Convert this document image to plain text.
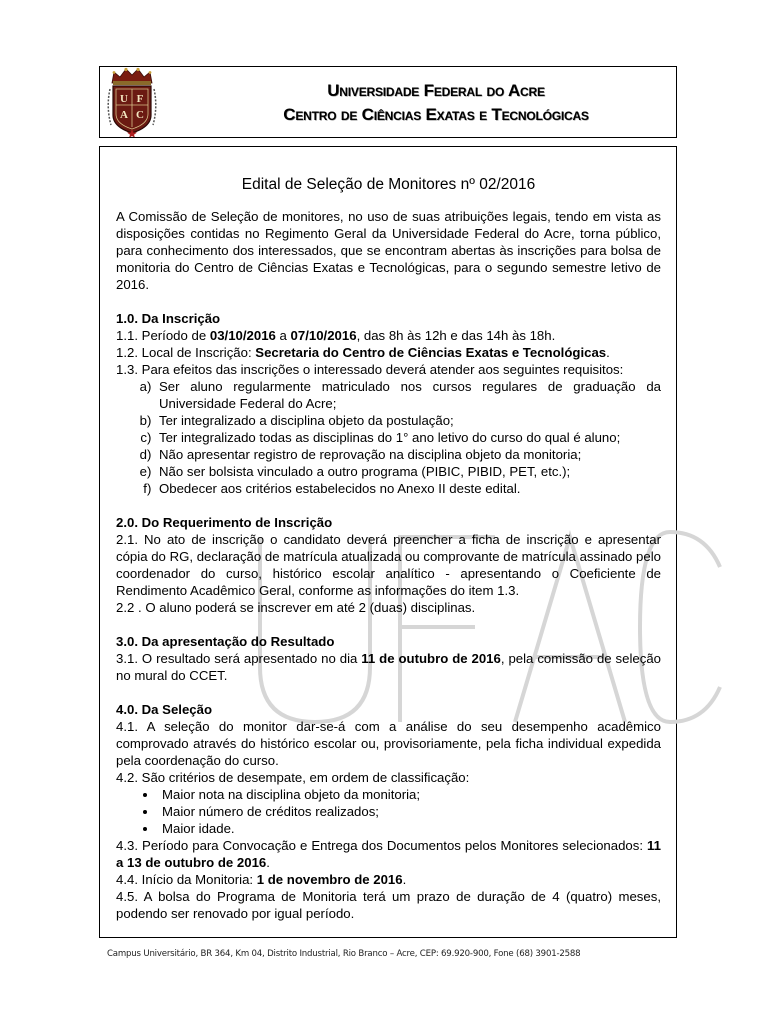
U F
A C
Universidade Federal do Acre
Centro de Ciências Exatas e Tecnológicas
Edital de Seleção de Monitores nº 02/2016

A Comissão de Seleção de monitores, no uso de suas atribuições legais, tendo em vista as disposições contidas no Regimento Geral da Universidade Federal do Acre, torna público, para conhecimento dos interessados, que se encontram abertas às inscrições para bolsa de monitoria do Centro de Ciências Exatas e Tecnológicas, para o segundo semestre letivo de 2016.

1.0. Da Inscrição

1.1. Período de 03/10/2016 a 07/10/2016, das 8h às 12h e das 14h às 18h.

1.2. Local de Inscrição: Secretaria do Centro de Ciências Exatas e Tecnológicas.

1.3. Para efeitos das inscrições o interessado deverá atender aos seguintes requisitos:

a. Ser aluno regularmente matriculado nos cursos regulares de graduação da Universidade Federal do Acre;
b. Ter integralizado a disciplina objeto da postulação;
c. Ter integralizado todas as disciplinas do 1° ano letivo do curso do qual é aluno;
d. Não apresentar registro de reprovação na disciplina objeto da monitoria;
e. Não ser bolsista vinculado a outro programa (PIBIC, PIBID, PET, etc.);
f. Obedecer aos critérios estabelecidos no Anexo II deste edital.

2.0. Do Requerimento de Inscrição

2.1. No ato de inscrição o candidato deverá preencher a ficha de inscrição e apresentar cópia do RG, declaração de matrícula atualizada ou comprovante de matrícula assinado pelo coordenador do curso, histórico escolar analítico - apresentando o Coeficiente de Rendimento Acadêmico Geral, conforme as informações do item 1.3.

2.2 . O aluno poderá se inscrever em até 2 (duas) disciplinas.

3.0. Da apresentação do Resultado

3.1. O resultado será apresentado no dia 11 de outubro de 2016, pela comissão de seleção no mural do CCET.

4.0. Da Seleção

4.1. A seleção do monitor dar-se-á com a análise do seu desempenho acadêmico comprovado através do histórico escolar ou, provisoriamente, pela ficha individual expedida pela coordenação do curso.

4.2. São critérios de desempate, em ordem de classificação:

• Maior nota na disciplina objeto da monitoria;
• Maior número de créditos realizados;
• Maior idade.

4.3. Período para Convocação e Entrega dos Documentos pelos Monitores selecionados: 11 a 13 de outubro de 2016.

4.4. Início da Monitoria: 1 de novembro de 2016.

4.5. A bolsa do Programa de Monitoria terá um prazo de duração de 4 (quatro) meses, podendo ser renovado por igual período.

Campus Universitário, BR 364, Km 04, Distrito Industrial, Rio Branco – Acre, CEP: 69.920-900, Fone (68) 3901-2588
